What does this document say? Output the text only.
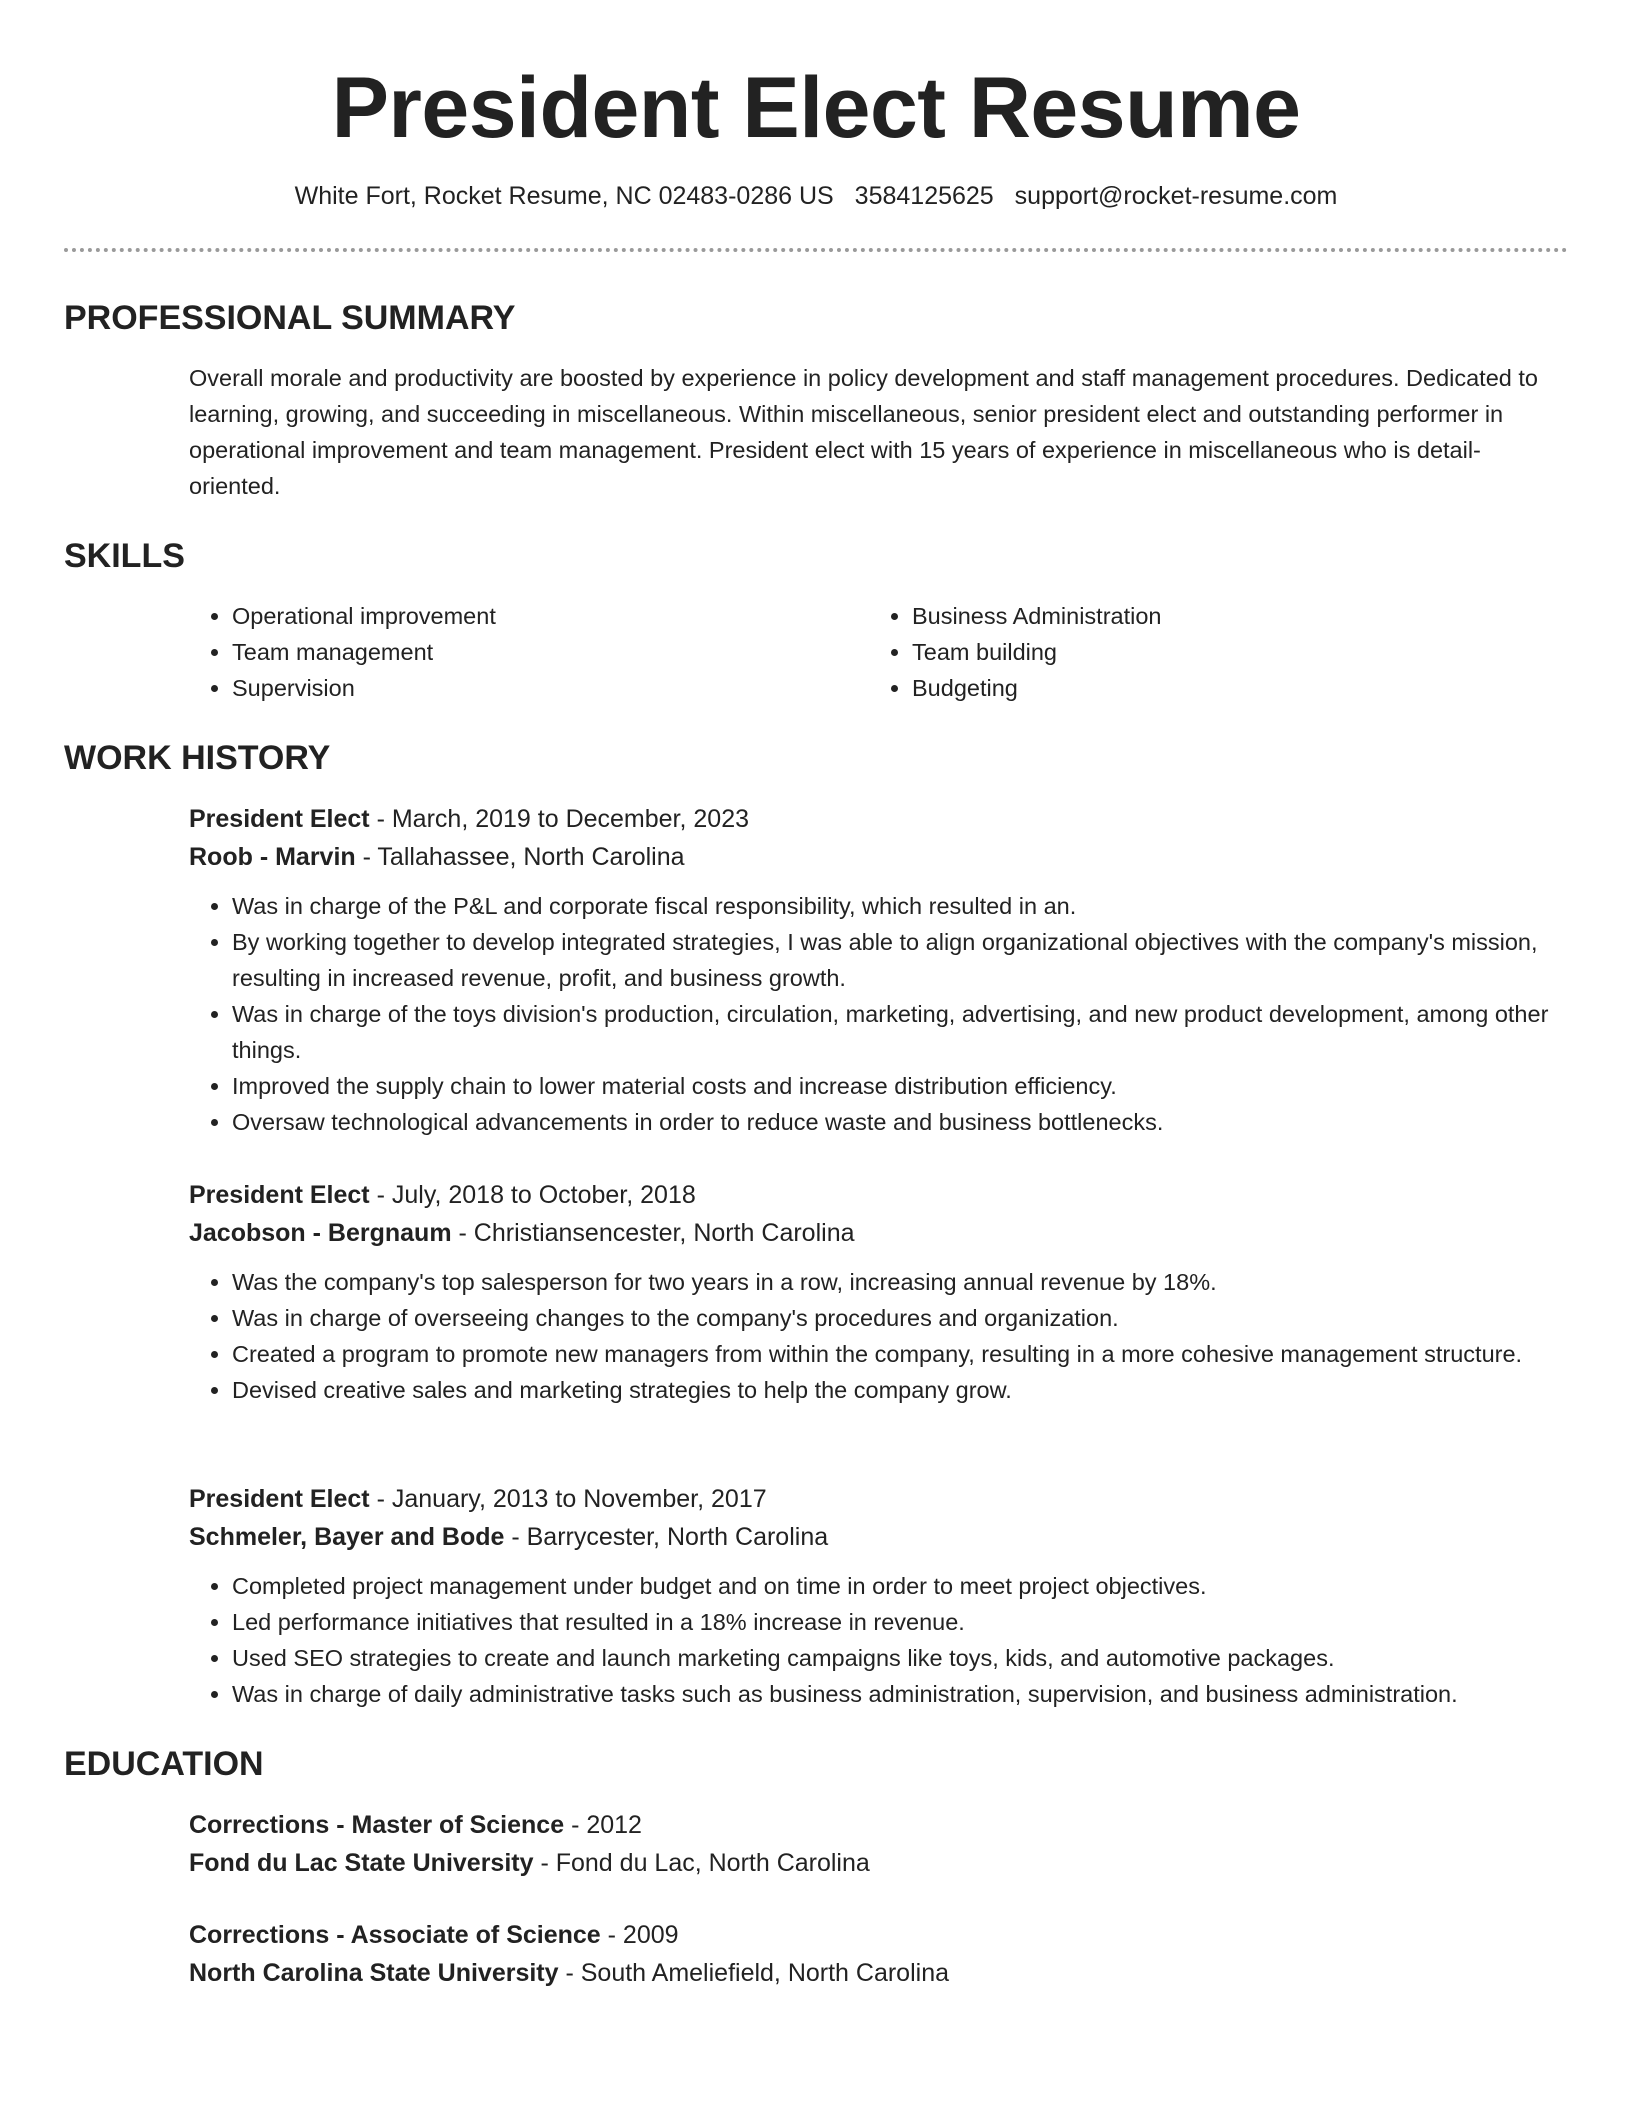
President Elect Resume
White Fort, Rocket Resume, NC 02483-0286 US 3584125625 support@rocket-resume.com
PROFESSIONAL SUMMARY
Overall morale and productivity are boosted by experience in policy development and staff management procedures. Dedicated to learning, growing, and succeeding in miscellaneous. Within miscellaneous, senior president elect and outstanding performer in operational improvement and team management. President elect with 15 years of experience in miscellaneous who is detail-oriented.
SKILLS
• Operational improvement
• Team management
• Supervision
• Business Administration
• Team building
• Budgeting
WORK HISTORY
President Elect - March, 2019 to December, 2023
Roob - Marvin - Tallahassee, North Carolina
• Was in charge of the P&L and corporate fiscal responsibility, which resulted in an.
• By working together to develop integrated strategies, I was able to align organizational objectives with the company's mission, resulting in increased revenue, profit, and business growth.
• Was in charge of the toys division's production, circulation, marketing, advertising, and new product development, among other things.
• Improved the supply chain to lower material costs and increase distribution efficiency.
• Oversaw technological advancements in order to reduce waste and business bottlenecks.
President Elect - July, 2018 to October, 2018
Jacobson - Bergnaum - Christiansencester, North Carolina
• Was the company's top salesperson for two years in a row, increasing annual revenue by 18%.
• Was in charge of overseeing changes to the company's procedures and organization.
• Created a program to promote new managers from within the company, resulting in a more cohesive management structure.
• Devised creative sales and marketing strategies to help the company grow.
President Elect - January, 2013 to November, 2017
Schmeler, Bayer and Bode - Barrycester, North Carolina
• Completed project management under budget and on time in order to meet project objectives.
• Led performance initiatives that resulted in a 18% increase in revenue.
• Used SEO strategies to create and launch marketing campaigns like toys, kids, and automotive packages.
• Was in charge of daily administrative tasks such as business administration, supervision, and business administration.
EDUCATION
Corrections - Master of Science - 2012
Fond du Lac State University - Fond du Lac, North Carolina
Corrections - Associate of Science - 2009
North Carolina State University - South Ameliefield, North Carolina
